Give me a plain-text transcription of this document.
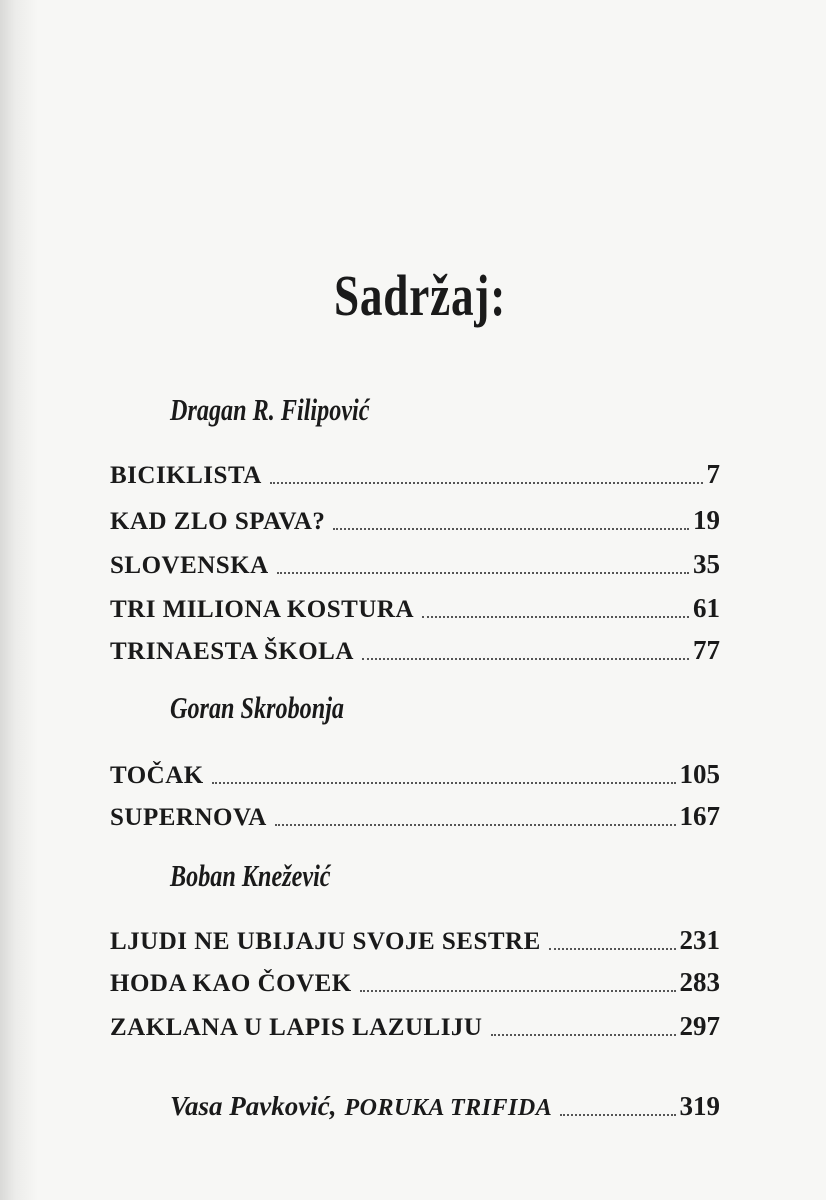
Sadržaj:
Dragan R. Filipović
BICIKLISTA	7
KAD ZLO SPAVA?	19
SLOVENSKA	35
TRI MILIONA KOSTURA	61
TRINAESTA ŠKOLA	77
Goran Skrobonja
TOČAK	105
SUPERNOVA	167
Boban Knežević
LJUDI NE UBIJAJU SVOJE SESTRE	231
HODA KAO ČOVEK	283
ZAKLANA U LAPIS LAZULIJU	297
Vasa Pavković, PORUKA TRIFIDA	319
